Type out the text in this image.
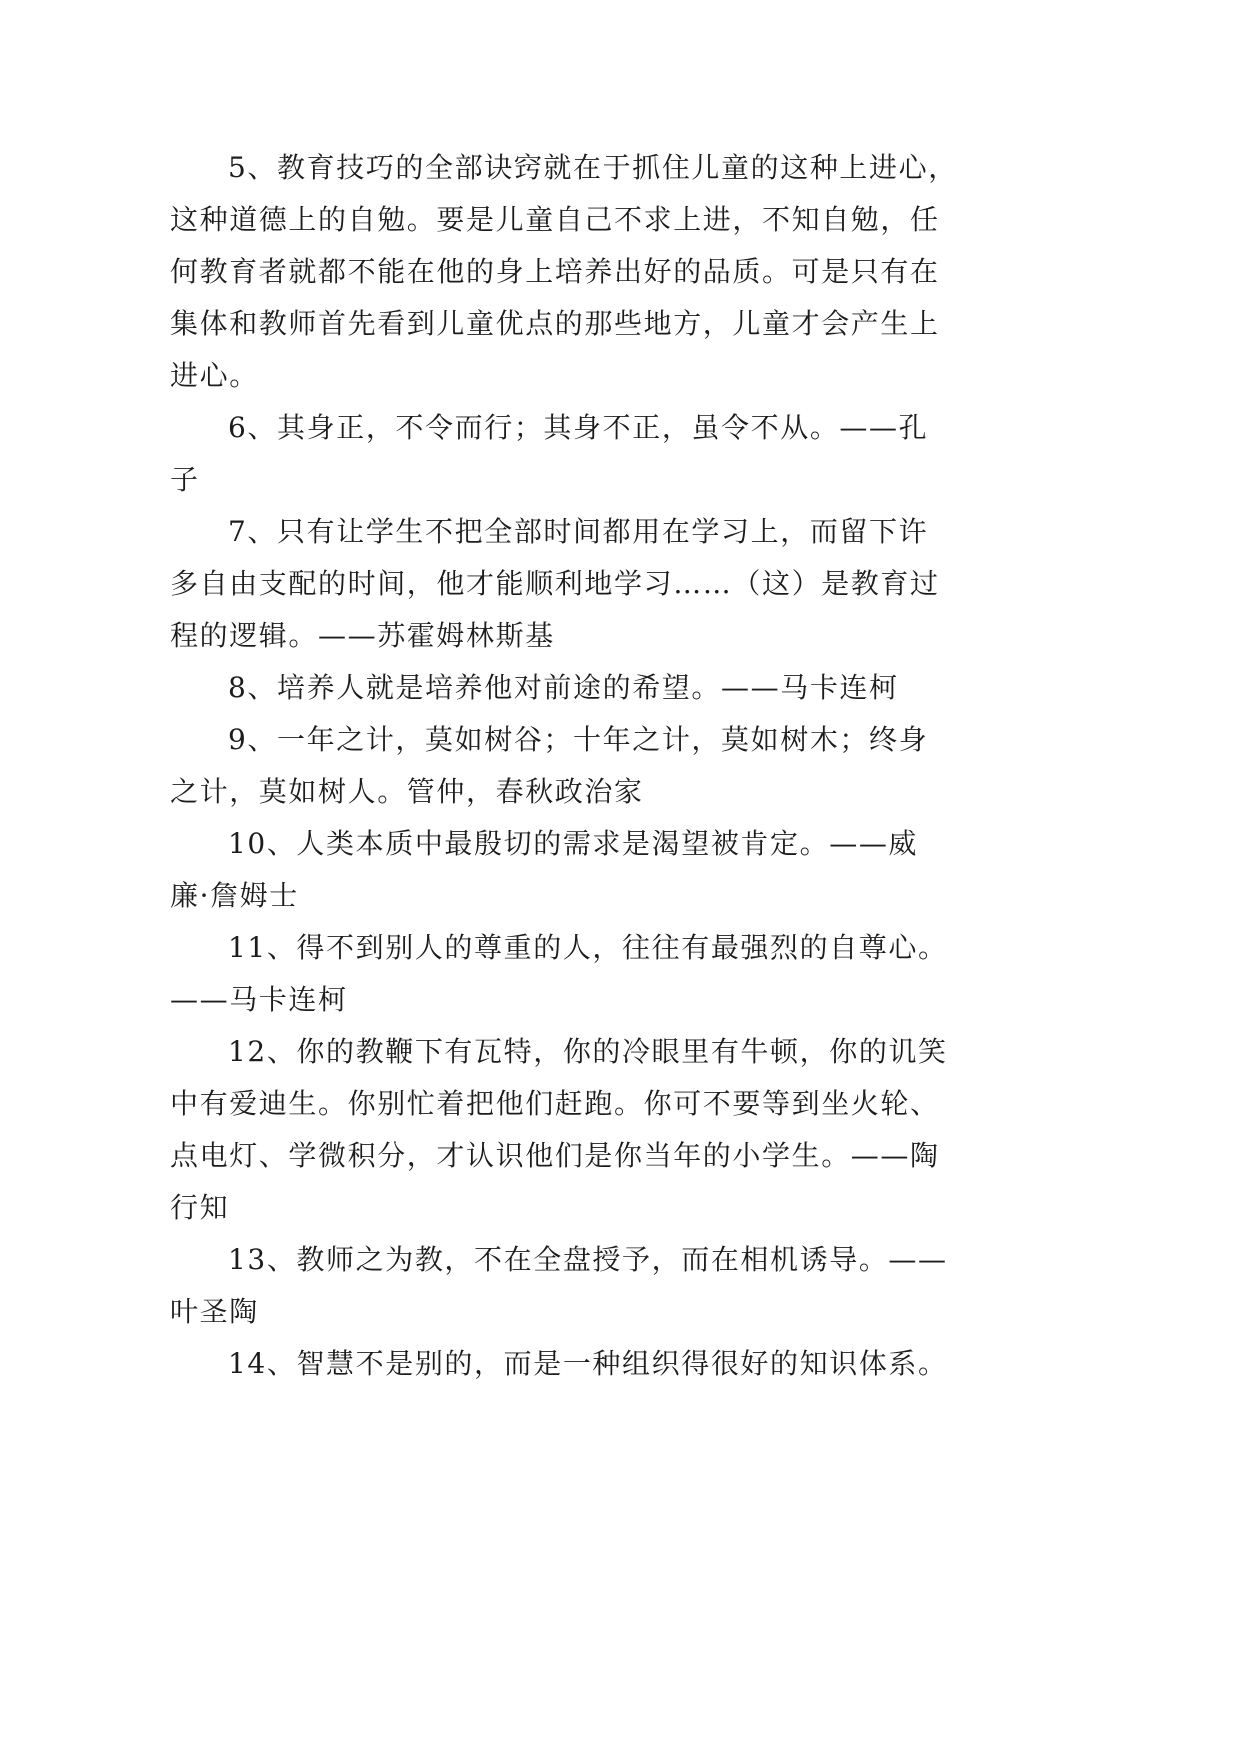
5、教育技巧的全部诀窍就在于抓住儿童的这种上进心，
这种道德上的自勉。要是儿童自己不求上进，不知自勉，任
何教育者就都不能在他的身上培养出好的品质。可是只有在
集体和教师首先看到儿童优点的那些地方，儿童才会产生上
进心。
6、其身正，不令而行；其身不正，虽令不从。——孔
子
7、只有让学生不把全部时间都用在学习上，而留下许
多自由支配的时间，他才能顺利地学习……（这）是教育过
程的逻辑。——苏霍姆林斯基
8、培养人就是培养他对前途的希望。——马卡连柯
9、一年之计，莫如树谷；十年之计，莫如树木；终身
之计，莫如树人。管仲，春秋政治家
10、人类本质中最殷切的需求是渴望被肯定。——威
廉·詹姆士
11、得不到别人的尊重的人，往往有最强烈的自尊心。
——马卡连柯
12、你的教鞭下有瓦特，你的冷眼里有牛顿，你的讥笑
中有爱迪生。你别忙着把他们赶跑。你可不要等到坐火轮、
点电灯、学微积分，才认识他们是你当年的小学生。——陶
行知
13、教师之为教，不在全盘授予，而在相机诱导。——
叶圣陶
14、智慧不是别的，而是一种组织得很好的知识体系。
